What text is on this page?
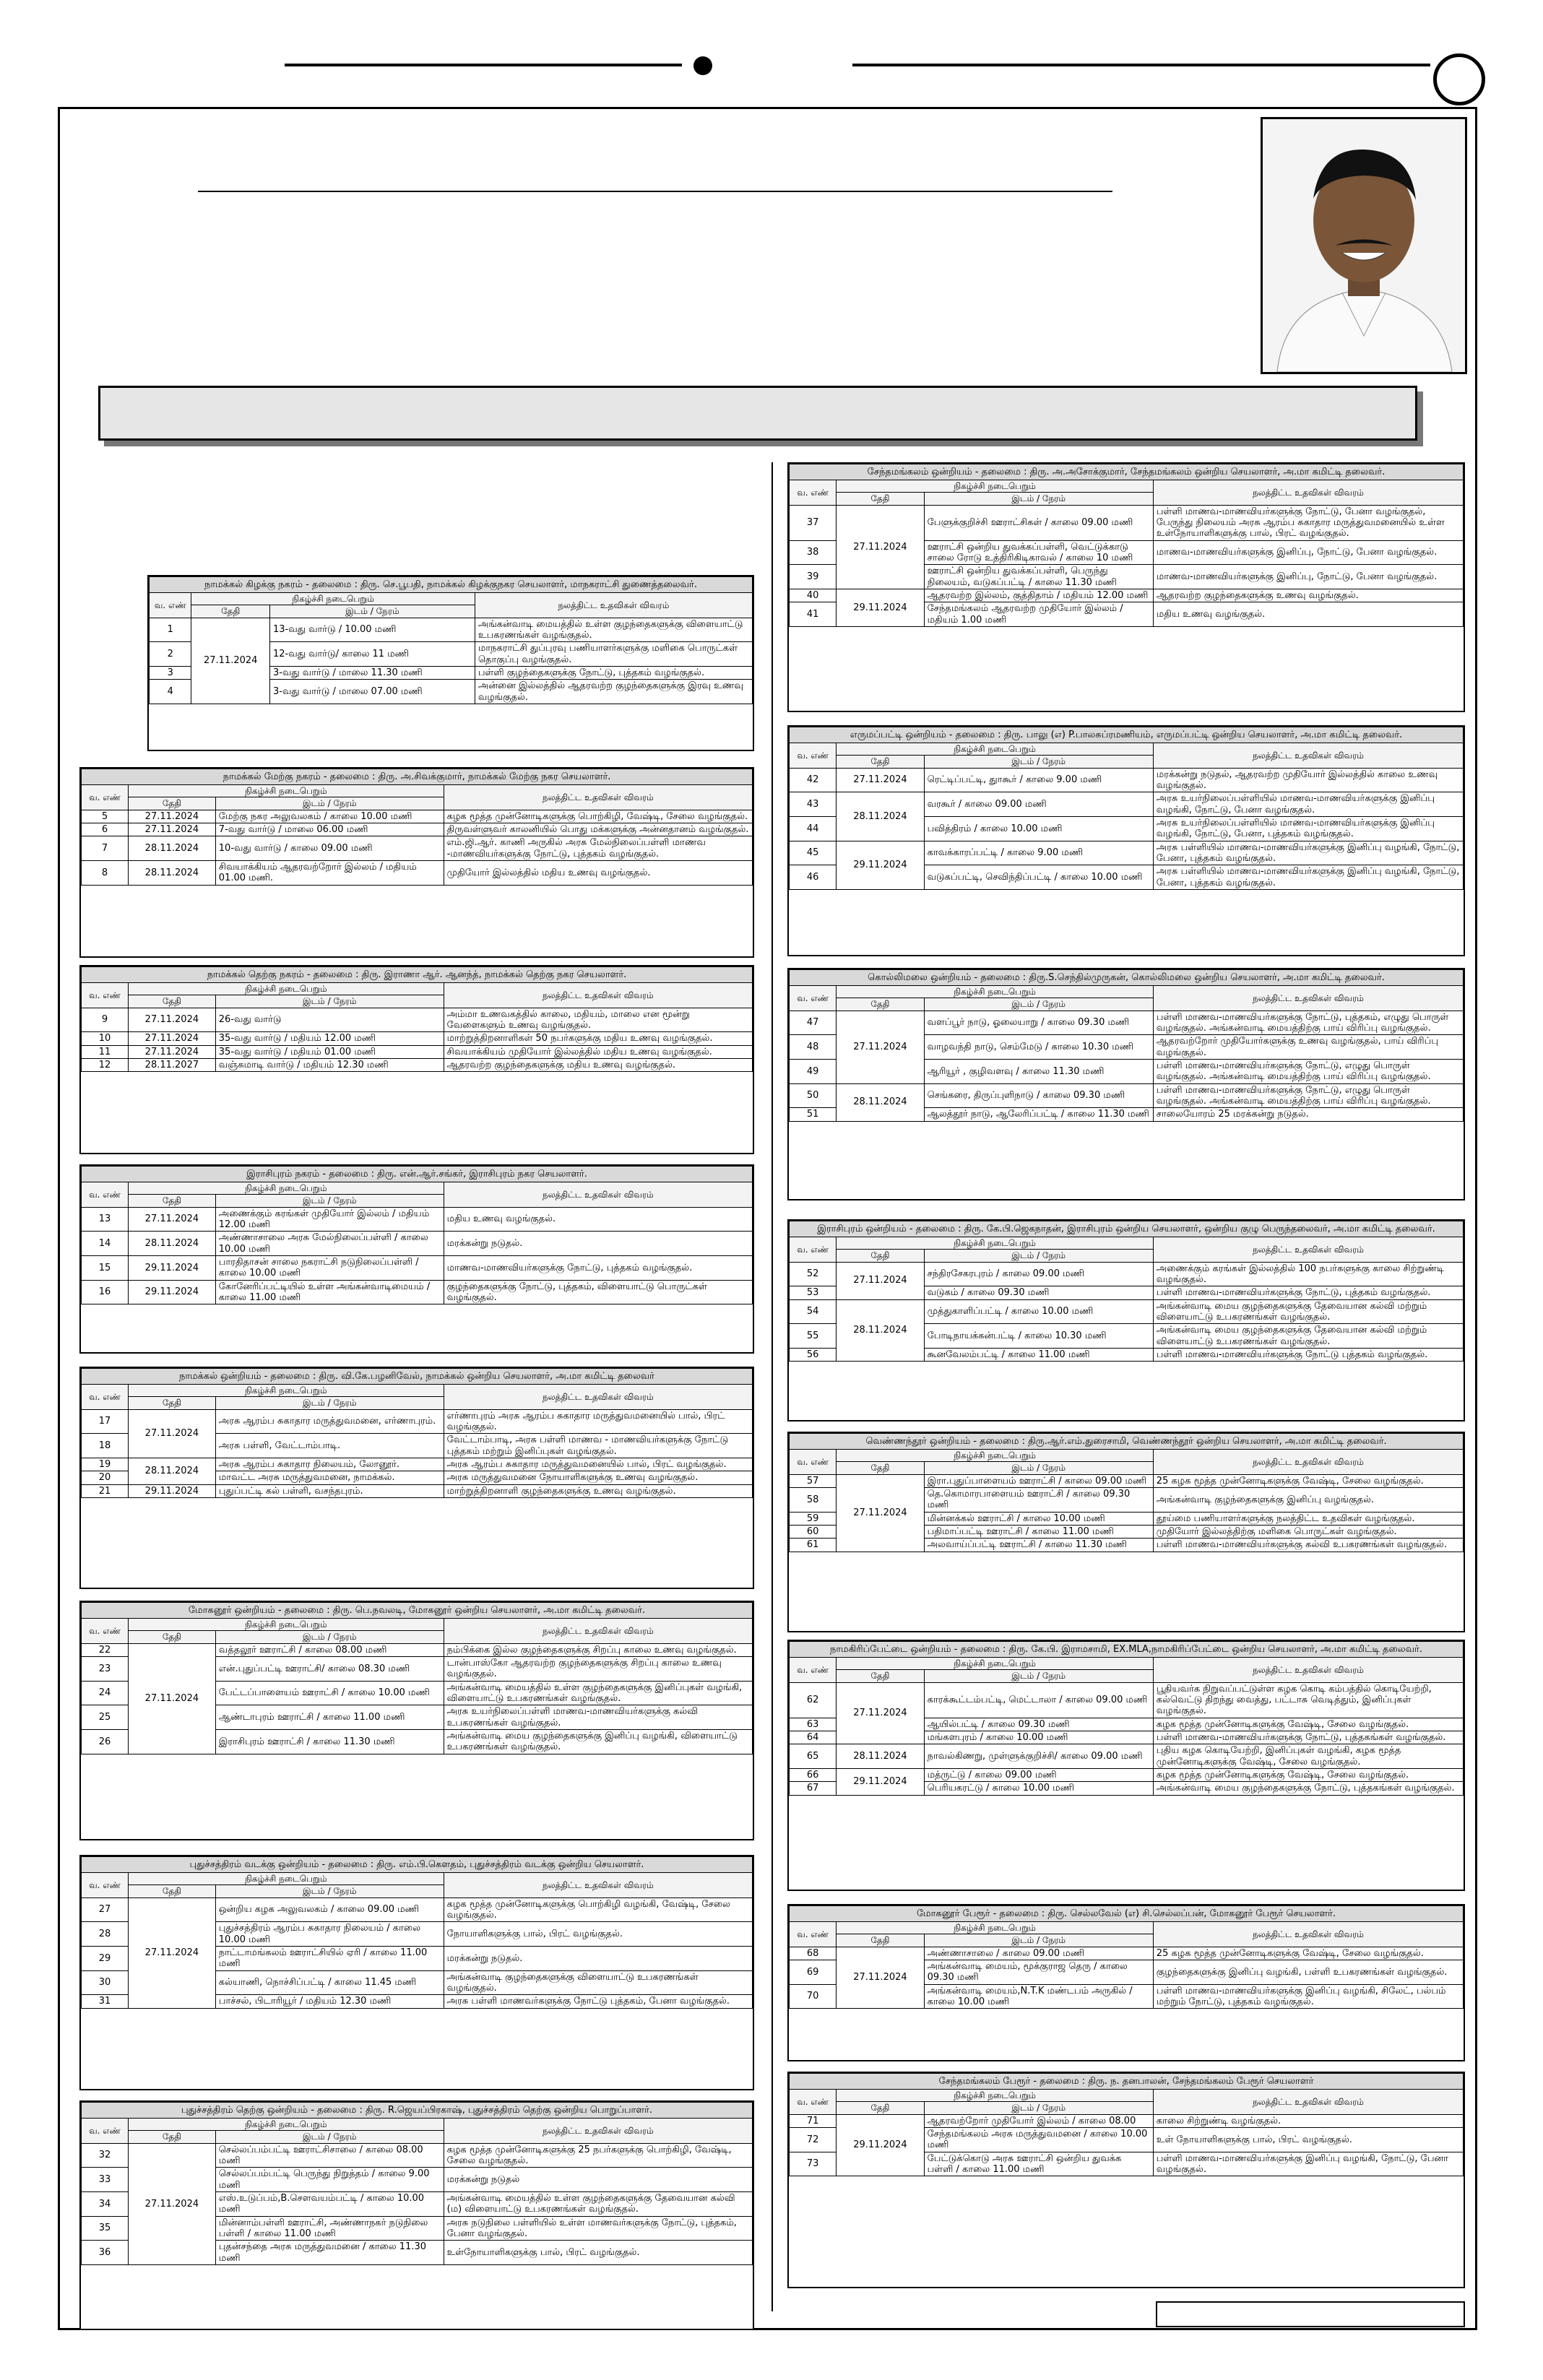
நாமக்கல் கிழக்கு நகரம் - தலைமை : திரு. செ.பூபதி, நாமக்கல் கிழக்குநகர செயலாளர், மாநகராட்சி துணைத்தலைவர்.			
வ. எண்	நிகழ்ச்சி நடைபெறும்		நலத்திட்ட உதவிகள் விவரம்
	தேதி	இடம் / நேரம்	
1	27.11.2024	13-வது வார்டு / 10.00 மணி	அங்கன்வாடி மையத்தில் உள்ள குழந்தைகளுக்கு விளையாட்டு உபகரணங்கள் வழங்குதல்.
2		12-வது வார்டு/ காலை 11 மணி	மாநகராட்சி துப்புரவு பணியாளர்களுக்கு மளிகை பொருட்கள் தொகுப்பு வழங்குதல்.
3		3-வது வார்டு / மாலை 11.30 மணி	பள்ளி குழந்தைகளுக்கு நோட்டு, புத்தகம் வழங்குதல்.
4		3-வது வார்டு / மாலை 07.00 மணி	அன்னை இல்லத்தில் ஆதரவற்ற குழந்தைகளுக்கு இரவு உணவு வழங்குதல்.
நாமக்கல் மேற்கு நகரம் - தலைமை : திரு. அ.சிவக்குமார், நாமக்கல் மேற்கு நகர செயலாளர்.			
வ. எண்	நிகழ்ச்சி நடைபெறும்		நலத்திட்ட உதவிகள் விவரம்
	தேதி	இடம் / நேரம்	
5	27.11.2024	மேற்கு நகர அலுவலகம் / காலை 10.00 மணி	கழக மூத்த முன்னோடிகளுக்கு பொற்கிழி, வேஷ்டி, சேலை வழங்குதல்.
6	27.11.2024	7-வது வார்டு / மாலை 06.00 மணி	திருவள்ளுவர் காலனியில் பொது மக்களுக்கு அன்னதானம் வழங்குதல்.
7	28.11.2024	10-வது வார்டு / காலை 09.00 மணி	எம்.ஜி.ஆர். காணி அருகில் அரசு மேல்நிலைப்பள்ளி மாணவ -மாணவியர்களுக்கு நோட்டு, புத்தகம் வழங்குதல்.
8	28.11.2024	சிவயாக்கியம் ஆதரவற்றோர் இல்லம் / மதியம் 01.00 மணி.	முதியோர் இல்லத்தில் மதிய உணவு வழங்குதல்.
நாமக்கல் தெற்கு நகரம் - தலைமை : திரு. இராணா ஆர். ஆனந்த், நாமக்கல் தெற்கு நகர செயலாளர்.			
வ. எண்	நிகழ்ச்சி நடைபெறும்		நலத்திட்ட உதவிகள் விவரம்
	தேதி	இடம் / நேரம்	
9	27.11.2024	26-வது வார்டு	அம்மா உணவகத்தில் காலை, மதியம், மாலை என மூன்று வேளைகளும் உணவு வழங்குதல்.
10	27.11.2024	35-வது வார்டு / மதியம் 12.00 மணி	மாற்றுத்திறனாளிகள் 50 நபர்களுக்கு மதிய உணவு வழங்குதல்.
11	27.11.2024	35-வது வார்டு / மதியம் 01.00 மணி	சிவயாக்கியம் முதியோர் இல்லத்தில் மதிய உணவு வழங்குதல்.
12	28.11.2027	வஞ்சுமாடி வார்டு / மதியம் 12.30 மணி	ஆதரவற்ற குழந்தைகளுக்கு மதிய உணவு வழங்குதல்.
இராசிபுரம் நகரம் - தலைமை : திரு. என்.ஆர்.சங்கர், இராசிபுரம் நகர செயலாளர்.			
வ. எண்	நிகழ்ச்சி நடைபெறும்		நலத்திட்ட உதவிகள் விவரம்
	தேதி	இடம் / நேரம்	
13	27.11.2024	அணைக்கும் கரங்கள் முதியோர் இல்லம் / மதியம் 12.00 மணி	மதிய உணவு வழங்குதல்.
14	28.11.2024	அண்ணாசாலை அரசு மேல்நிலைப்பள்ளி / காலை 10.00 மணி	மரக்கன்று நடுதல்.
15	29.11.2024	பாரதிதாசன் சாலை நகராட்சி நடுநிலைப்பள்ளி /காலை 10.00 மணி	மாணவ-மாணவியர்களுக்கு நோட்டு, புத்தகம் வழங்குதல்.
16	29.11.2024	கோனேரிப்பட்டியில் உள்ள அங்கன்வாடிமையம் / காலை 11.00 மணி	குழந்தைகளுக்கு நோட்டு, புத்தகம், விளையாட்டு பொருட்கள் வழங்குதல்.
நாமக்கல் ஒன்றியம் - தலைமை : திரு. வி.கே.பழனிவேல், நாமக்கல் ஒன்றிய செயலாளர், அ.மா கமிட்டி தலைவர்			
வ. எண்	நிகழ்ச்சி நடைபெறும்		நலத்திட்ட உதவிகள் விவரம்
	தேதி	இடம் / நேரம்	
17	27.11.2024	அரசு ஆரம்ப சுகாதார மருத்துவமனை, எர்ணாபுரம்.	எர்ணாபுரம் அரசு ஆரம்ப சுகாதார மருத்துவமனையில் பால், பிரட் வழங்குதல்.
18		அரசு பள்ளி, வேட்டாம்பாடி.	வேட்டாம்பாடி, அரசு பள்ளி மாணவ - மாணவியர்களுக்கு நோட்டு புத்தகம் மற்றும் இனிப்புகள் வழங்குதல்.
19	28.11.2024	அரசு ஆரம்ப சுகாதார நிலையம், லோனூர்.	அரசு ஆரம்ப சுகாதார மருத்துவமனையில் பால், பிரட் வழங்குதல்.
20		மாவட்ட அரசு மருத்துவமனை, நாமக்கல்.	அரசு மருத்துவமனை நோயாளிகளுக்கு உணவு வழங்குதல்.
21	29.11.2024	புதுப்பட்டி கல் பள்ளி, வசந்தபுரம்.	மாற்றுத்திறனாளி குழந்தைகளுக்கு உணவு வழங்குதல்.
மோகனூர் ஒன்றியம் - தலைமை : திரு. பெ.நவலடி, மோகனூர் ஒன்றிய செயலாளர், அ.மா கமிட்டி தலைவர்.			
வ. எண்	நிகழ்ச்சி நடைபெறும்		நலத்திட்ட உதவிகள் விவரம்
	தேதி	இடம் / நேரம்	
22	27.11.2024	வத்தலூர் ஊராட்சி / காலை 08.00 மணி	நம்பிக்கை இல்ல குழந்தைகளுக்கு சிறப்பு காலை உணவு வழங்குதல்.
23		என்.புதுப்பட்டி ஊராட்சி/ காலை 08.30 மணி	டான்பாஸ்கோ ஆதரவற்ற குழந்தைகளுக்கு சிறப்பு காலை உணவு வழங்குதல்.
24		பேட்டப்பாளையம் ஊராட்சி / காலை 10.00 மணி	அங்கன்வாடி மையத்தில் உள்ள குழந்தைகளுக்கு இனிப்புகள் வழங்கி, விளையாட்டு உபகரணங்கள் வழங்குதல்.
25		ஆண்டாபுரம் ஊராட்சி / காலை 11.00 மணி	அரசு உயர்நிலைப்பள்ளி மாணவ-மாணவியர்களுக்கு கல்வி உபகரணங்கள் வழங்குதல்.
26		இராசிபுரம் ஊராட்சி / காலை 11.30 மணி	அங்கன்வாடி மைய குழந்தைகளுக்கு இனிப்பு வழங்கி, விளையாட்டு உபகரணங்கள் வழங்குதல்.
புதுச்சத்திரம் வடக்கு ஒன்றியம் - தலைமை : திரு. எம்.பி.கௌதம், புதுச்சத்திரம் வடக்கு ஒன்றிய செயலாளர்.			
வ. எண்	நிகழ்ச்சி நடைபெறும்		நலத்திட்ட உதவிகள் விவரம்
	தேதி	இடம் / நேரம்	
27	27.11.2024	ஒன்றிய கழக அலுவலகம் / காலை 09.00 மணி	கழக மூத்த முன்னோடிகளுக்கு பொற்கிழி வழங்கி, வேஷ்டி, சேலை வழங்குதல்.
28		புதுச்சத்திரம் ஆரம்ப சுகாதார நிலையம் / காலை 10.00 மணி	நோயாளிகளுக்கு பால், பிரட் வழங்குதல்.
29		நாட்டாமங்கலம் ஊராட்சியில் ஏரி / காலை 11.00 மணி	மரக்கன்று நடுதல்.
30		கல்யாணி, நொச்சிப்பட்டி / காலை 11.45 மணி	அங்கன்வாடி குழந்தைகளுக்கு விளையாட்டு உபகரணங்கள் வழங்குதல்.
31		பாச்சல், பிடாரியூர் / மதியம் 12.30 மணி	அரசு பள்ளி மாணவர்களுக்கு நோட்டு புத்தகம், பேனா வழங்குதல்.
புதுச்சத்திரம் தெற்கு ஒன்றியம் - தலைமை : திரு. R.ஜெயப்பிரகாஷ், புதுச்சத்திரம் தெற்கு ஒன்றிய பொறுப்பாளர்.			
வ. எண்	நிகழ்ச்சி நடைபெறும்		நலத்திட்ட உதவிகள் விவரம்
	தேதி	இடம் / நேரம்	
32	27.11.2024	செல்லப்பம்பட்டி ஊராட்சிசாலை / காலை 08.00 மணி	கழக மூத்த முன்னோடிகளுக்கு 25 நபர்களுக்கு பொற்கிழி, வேஷ்டி, சேலை வழங்குதல்.
33		செல்லப்பம்பட்டி பெருந்து நிறுத்தம் / காலை 9.00 மணி	மரக்கன்று நடுதல்
34		எஸ்.உடுப்பம்,B.சௌவயம்பட்டி / காலை 10.00 மணி	அங்கன்வாடி மையத்தில் உள்ள குழந்தைகளுக்கு தேவையான கல்வி (ம) விளையாட்டு உபகரணங்கள் வழங்குதல்.
35		மின்னாம்பள்ளி ஊராட்சி, அண்ணாநகர் நடுநிலை பள்ளி / காலை 11.00 மணி	அரசு நடுநிலை பள்ளியில் உள்ள மாணவர்களுக்கு நோட்டு, புத்தகம், பேனா வழங்குதல்.
36		புதன்சந்தை அரசு மருத்துவமனை / காலை 11.30 மணி	உள்நோயாளிகளுக்கு பால், பிரட் வழங்குதல்.
சேந்தமங்கலம் ஒன்றியம் - தலைமை : திரு. அ.அசோக்குமார், சேந்தமங்கலம் ஒன்றிய செயலாளர், அ.மா கமிட்டி தலைவர்.			
வ. எண்	நிகழ்ச்சி நடைபெறும்		நலத்திட்ட உதவிகள் விவரம்
	தேதி	இடம் / நேரம்	
37	27.11.2024	பேளுக்குறிச்சி ஊராட்சிகள் / காலை 09.00 மணி	பள்ளி மாணவ-மாணவியர்களுக்கு நோட்டு, பேனா வழங்குதல், பேருந்து நிலையம் அரசு ஆரம்ப சுகாதார மருத்துவமனையில் உள்ள உள்நோயாளிகளுக்கு பால், பிரட் வழங்குதல்.
38		ஊராட்சி ஒன்றிய துவக்கப்பள்ளி, வெட்டுக்காடு சாலை ரோடு உத்திரிகிடிகாவல் / காலை 10 மணி	மாணவ-மாணவியர்களுக்கு இனிப்பு, நோட்டு, பேனா வழங்குதல்.
39		ஊராட்சி ஒன்றிய துவக்கப்பள்ளி, பெருந்து நிலையம், வடுகப்பட்டி / காலை 11.30 மணி	மாணவ-மாணவியர்களுக்கு இனிப்பு, நோட்டு, பேனா வழங்குதல்.
40	29.11.2024	ஆதரவற்ற இல்லம், குத்திதாம் / மதியம் 12.00 மணி	ஆதரவற்ற குழந்தைகளுக்கு உணவு வழங்குதல்.
41		சேந்தமங்கலம் ஆதரவற்ற முதியோர் இல்லம் / மதியம் 1.00 மணி	மதிய உணவு வழங்குதல்.
எருமப்பட்டி ஒன்றியம் - தலைமை : திரு. பாலு (எ) P.பாலசுப்ரமணியம், எருமப்பட்டி ஒன்றிய செயலாளர், அ.மா கமிட்டி தலைவர்.			
வ. எண்	நிகழ்ச்சி நடைபெறும்		நலத்திட்ட உதவிகள் விவரம்
	தேதி	இடம் / நேரம்	
42	27.11.2024	ரெட்டிப்பட்டி, துாகூர் / காலை 9.00 மணி	மரக்கன்று நடுதல், ஆதரவற்ற முதியோர் இல்லத்தில் காலை உணவு வழங்குதல்.
43	28.11.2024	வரகூர் / காலை 09.00 மணி	அரசு உயர்நிலைப்பள்ளியில் மாணவ-மாணவியர்களுக்கு இனிப்பு வழங்கி, நோட்டு, பேனா வழங்குதல்.
44		பவித்திரம் / காலை 10.00 மணி	அரசு உயர்நிலைப்பள்ளியில் மாணவ-மாணவியர்களுக்கு இனிப்பு வழங்கி, நோட்டு, பேனா, புத்தகம் வழங்குதல்.
45	29.11.2024	காவக்காரப்பட்டி / காலை 9.00 மணி	அரசு பள்ளியில் மாணவ-மாணவியர்களுக்கு இனிப்பு வழங்கி, நோட்டு, பேனா, புத்தகம் வழங்குதல்.
46		வடுகப்பட்டி, செவிந்திப்பட்டி / காலை 10.00 மணி	அரசு பள்ளியில் மாணவ-மாணவியர்களுக்கு இனிப்பு வழங்கி, நோட்டு, பேனா, புத்தகம் வழங்குதல்.
கொல்லிமலை ஒன்றியம் - தலைமை : திரு.S.செந்தில்முருகன், கொல்லிமலை ஒன்றிய செயலாளர், அ.மா கமிட்டி தலைவர்.			
வ. எண்	நிகழ்ச்சி நடைபெறும்		நலத்திட்ட உதவிகள் விவரம்
	தேதி	இடம் / நேரம்	
47	27.11.2024	வளப்பூர் நாடு, ஓலையாறு / காலை 09.30 மணி	பள்ளி மாணவ-மாணவியர்களுக்கு நோட்டு, புத்தகம், எழுது பொருள் வழங்குதல். அங்கன்வாடி மையத்திற்கு பாய் விரிப்பு வழங்குதல்.
48		வாழவந்தி நாடு, செம்மேடு / காலை 10.30 மணி	ஆதரவற்றோர் முதியோர்களுக்கு உணவு வழங்குதல், பாய் விரிப்பு வழங்குதல்.
49		ஆரியூர் , குழிவளவு / காலை 11.30 மணி	பள்ளி மாணவ-மாணவியர்களுக்கு நோட்டு, எழுது பொருள் வழங்குதல். அங்கன்வாடி மையத்திற்கு பாய் விரிப்பு வழங்குதல்.
50	28.11.2024	செங்கரை, திருப்புளிநாடு / காலை 09.30 மணி	பள்ளி மாணவ-மாணவியர்களுக்கு நோட்டு, எழுது பொருள் வழங்குதல். அங்கன்வாடி மையத்திற்கு பாய் விரிப்பு வழங்குதல்.
51		ஆலத்தூர் நாடு, ஆலேரிப்பட்டி / காலை 11.30 மணி	சாலையோரம் 25 மரக்கன்று நடுதல்.
இராசிபுரம் ஒன்றியம் - தலைமை : திரு. கே.பி.ஜெகநாதன், இராசிபுரம் ஒன்றிய செயலாளர், ஒன்றிய குழு பெருந்தலைவர், அ.மா கமிட்டி தலைவர்.			
வ. எண்	நிகழ்ச்சி நடைபெறும்		நலத்திட்ட உதவிகள் விவரம்
	தேதி	இடம் / நேரம்	
52	27.11.2024	சந்திரசேகரபுரம் / காலை 09.00 மணி	அணைக்கும் கரங்கள் இல்லத்தில் 100 நபர்களுக்கு காலை சிற்றுண்டி வழங்குதல்.
53		வடுகம் / காலை 09.30 மணி	பள்ளி மாணவ-மாணவியர்களுக்கு நோட்டு, புத்தகம் வழங்குதல்.
54	28.11.2024	முத்துகாளிப்பட்டி / காலை 10.00 மணி	அங்கன்வாடி மைய குழந்தைகளுக்கு தேவையான கல்வி மற்றும் விளையாட்டு உபகரணங்கள் வழங்குதல்.
55		போடிநாயக்கன்பட்டி / காலை 10.30 மணி	அங்கன்வாடி மைய குழந்தைகளுக்கு தேவையான கல்வி மற்றும் விளையாட்டு உபகரணங்கள் வழங்குதல்.
56		கூனவேலம்பட்டி / காலை 11.00 மணி	பள்ளி மாணவ-மாணவியர்களுக்கு நோட்டு புத்தகம் வழங்குதல்.
வெண்ணந்தூர் ஒன்றியம் - தலைமை : திரு.ஆர்.எம்.துரைசாமி, வெண்ணந்தூர் ஒன்றிய செயலாளர், அ.மா கமிட்டி தலைவர்.			
வ. எண்	நிகழ்ச்சி நடைபெறும்		நலத்திட்ட உதவிகள் விவரம்
	தேதி	இடம் / நேரம்	
57	27.11.2024	இரா.புதுப்பாளையம் ஊராட்சி / காலை 09.00 மணி	25 கழக மூத்த முன்னோடிகளுக்கு வேஷ்டி, சேலை வழங்குதல்.
58		தெ.கொமாரபாளையம் ஊராட்சி / காலை 09.30 மணி	அங்கன்வாடி குழந்தைகளுக்கு இனிப்பு வழங்குதல்.
59		மின்னக்கல் ஊராட்சி / காலை 10.00 மணி	தூய்மை பணியாளர்களுக்கு நலத்திட்ட உதவிகள் வழங்குதல்.
60		பதிமாப்பட்டி ஊராட்சி / காலை 11.00 மணி	முதியோர் இல்லத்திற்கு மளிகை பொருட்கள் வழங்குதல்.
61		அலவாய்ப்பட்டி ஊராட்சி / காலை 11.30 மணி	பள்ளி மாணவ-மாணவியர்களுக்கு கல்வி உபகரணங்கள் வழங்குதல்.
நாமகிரிப்பேட்டை ஒன்றியம் - தலைமை : திரு. கே.பி. இராமசாமி, EX.MLA,நாமகிரிப்பேட்டை ஒன்றிய செயலாளர், அ.மா கமிட்டி தலைவர்.			
வ. எண்	நிகழ்ச்சி நடைபெறும்		நலத்திட்ட உதவிகள் விவரம்
	தேதி	இடம் / நேரம்	
62	27.11.2024	காரக்கூட்டம்பட்டி, மெட்டாலா / காலை 09.00 மணி	பூதியவர்க நிறுவப்பட்டுள்ள கழக கொடி கம்பத்தில் கொடியேற்றி, கல்வெட்டு திறந்து வைத்து, பட்டாசு வெடித்தும், இனிப்புகள் வழங்குதல்.
63		ஆயில்பட்டி / காலை 09.30 மணி	கழக மூத்த முன்னோடிகளுக்கு வேஷ்டி, சேலை வழங்குதல்.
64		மங்களபுரம் / காலை 10.00 மணி	பள்ளி மாணவ-மாணவியர்களுக்கு நோட்டு, புத்தகங்கள் வழங்குதல்.
65	28.11.2024	நாவல்கிணறு, முள்ளுக்குறிச்சி/ காலை 09.00 மணி	புதிய கழக கொடியேற்றி, இனிப்புகள் வழங்கி, கழக மூத்த முன்னோடிகளுக்கு வேஷ்டி, சேலை வழங்குதல்.
66	29.11.2024	மத்ருட்டு / காலை 09.00 மணி	கழக மூத்த முன்னோடிகளுக்கு வேஷ்டி, சேலை வழங்குதல்.
67		பெரியகரட்டு / காலை 10.00 மணி	அங்கன்வாடி மைய குழந்தைகளுக்கு நோட்டு, புத்தகங்கள் வழங்குதல்.
மோகனூர் பேரூர் - தலைமை : திரு. செல்லவேல் (எ) சி.செல்லப்பன், மோகனூர் பேரூர் செயலாளர்.			
வ. எண்	நிகழ்ச்சி நடைபெறும்		நலத்திட்ட உதவிகள் விவரம்
	தேதி	இடம் / நேரம்	
68	27.11.2024	அண்ணாசாலை / காலை 09.00 மணி	25 கழக மூத்த முன்னோடிகளுக்கு வேஷ்டி, சேலை வழங்குதல்.
69		அங்கன்வாடி மையம், மூக்குராஜ தெரு / காலை 09.30 மணி	குழந்தைகளுக்கு இனிப்பு வழங்கி, பள்ளி உபகரணங்கள் வழங்குதல்.
70		அங்கன்வாடி மையம்,N.T.K மண்டபம் அருகில் / காலை 10.00 மணி	பள்ளி மாணவ-மாணவியர்களுக்கு இனிப்பு வழங்கி, சிலேட், பல்பம் மற்றும் நோட்டு, புத்தகம் வழங்குதல்.
சேந்தமங்கலம் பேரூர் - தலைமை : திரு. ந. தனபாலன், சேந்தமங்கலம் பேரூர் செயலாளர்			
வ. எண்	நிகழ்ச்சி நடைபெறும்		நலத்திட்ட உதவிகள் விவரம்
	தேதி	இடம் / நேரம்	
71	29.11.2024	ஆதரவற்றோர் முதியோர் இல்லம் / காலை 08.00	காலை சிற்றுண்டி வழங்குதல்.
72		சேந்தமங்கலம் அரசு மருத்துவமனை / காலை 10.00 மணி	உள் நோயாளிகளுக்கு பால், பிரட் வழங்குதல்.
73		பேட்டுக்கொடு அரசு ஊராட்சி ஒன்றிய துவக்க பள்ளி / காலை 11.00 மணி	பள்ளி மாணவ-மாணவியர்களுக்கு இனிப்பு வழங்கி, நோட்டு, பேனா வழங்குதல்.
